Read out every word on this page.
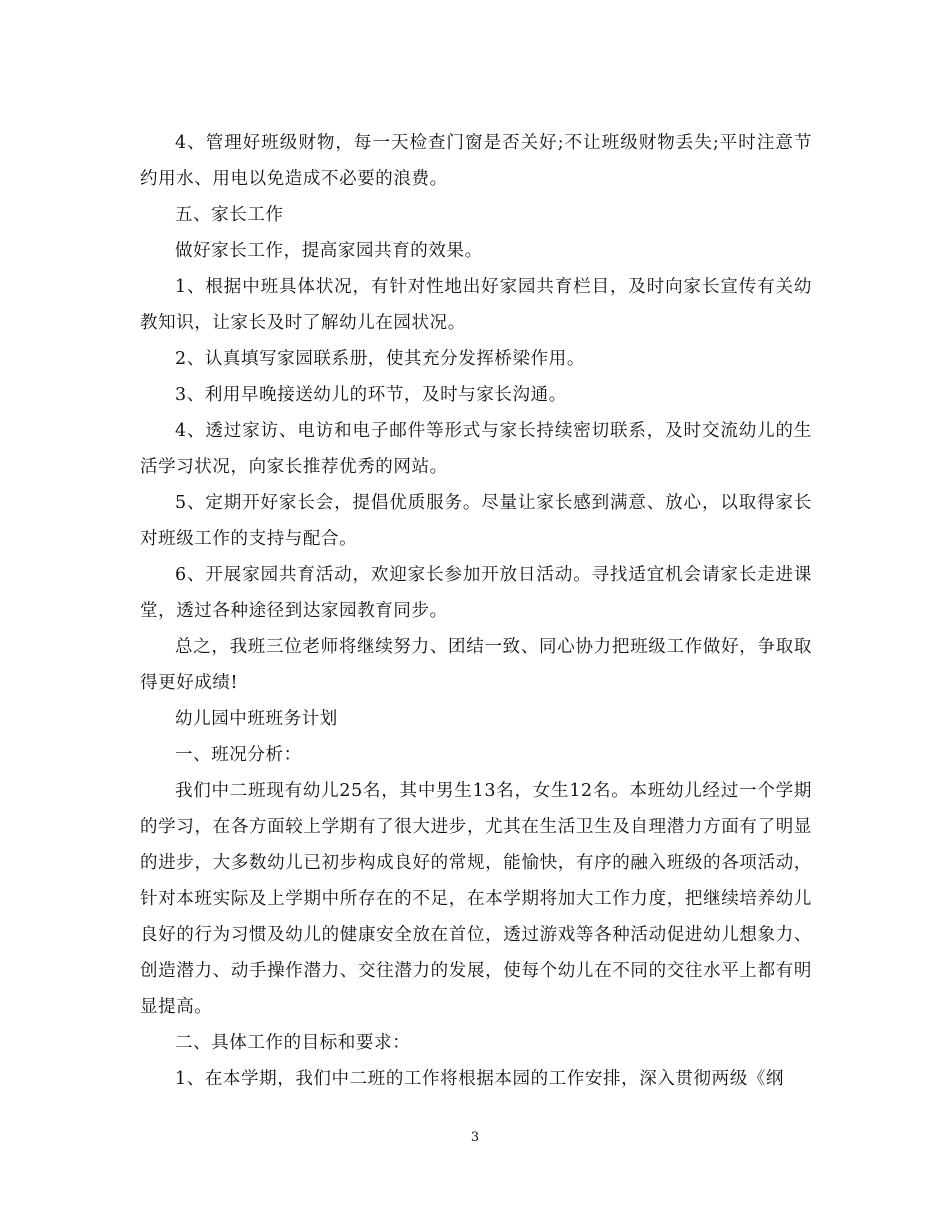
4、管理好班级财物，每一天检查门窗是否关好;不让班级财物丢失;平时注意节约用水、用电以免造成不必要的浪费。

五、家长工作

做好家长工作，提高家园共育的效果。

1、根据中班具体状况，有针对性地出好家园共育栏目，及时向家长宣传有关幼教知识，让家长及时了解幼儿在园状况。

2、认真填写家园联系册，使其充分发挥桥梁作用。

3、利用早晚接送幼儿的环节，及时与家长沟通。

4、透过家访、电访和电子邮件等形式与家长持续密切联系，及时交流幼儿的生活学习状况，向家长推荐优秀的网站。

5、定期开好家长会，提倡优质服务。尽量让家长感到满意、放心，以取得家长对班级工作的支持与配合。

6、开展家园共育活动，欢迎家长参加开放日活动。寻找适宜机会请家长走进课堂，透过各种途径到达家园教育同步。

总之，我班三位老师将继续努力、团结一致、同心协力把班级工作做好，争取取得更好成绩!

幼儿园中班班务计划

一、班况分析：

我们中二班现有幼儿25名，其中男生13名，女生12名。本班幼儿经过一个学期的学习，在各方面较上学期有了很大进步，尤其在生活卫生及自理潜力方面有了明显的进步，大多数幼儿已初步构成良好的常规，能愉快，有序的融入班级的各项活动，针对本班实际及上学期中所存在的不足，在本学期将加大工作力度，把继续培养幼儿良好的行为习惯及幼儿的健康安全放在首位，透过游戏等各种活动促进幼儿想象力、创造潜力、动手操作潜力、交往潜力的发展，使每个幼儿在不同的交往水平上都有明显提高。

二、具体工作的目标和要求：

1、在本学期，我们中二班的工作将根据本园的工作安排，深入贯彻两级《纲

3
